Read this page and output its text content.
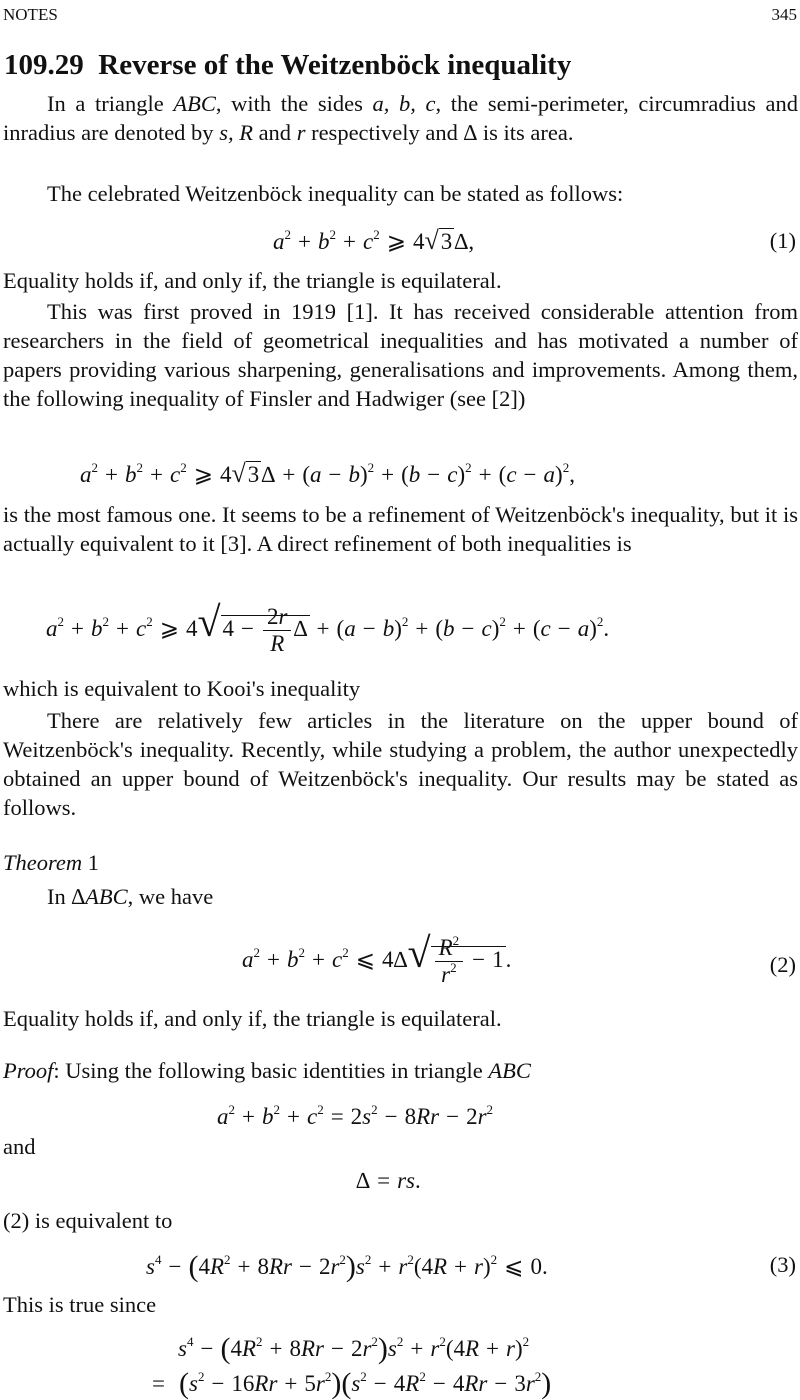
NOTES	345
109.29 Reverse of the Weitzenböck inequality
In a triangle ABC, with the sides a, b, c, the semi-perimeter, circumradius and inradius are denoted by s, R and r respectively and ∆ is its area.
The celebrated Weitzenböck inequality can be stated as follows:
$a^2 + b^2 + c^2$ ⩾ 4√3∆,	(1)
Equality holds if, and only if, the triangle is equilateral.
This was first proved in 1919 [1]. It has received considerable attention from researchers in the field of geometrical inequalities and has motivated a number of papers providing various sharpening, generalisations and improvements. Among them, the following inequality of Finsler and Hadwiger (see [2])
$a^2 + b^2 + c^2$ ⩾ $4√3\Delta + (a - b)^2 + (b - c)^2 + (c - a)^2$,
is the most famous one. It seems to be a refinement of Weitzenböck's inequality, but it is actually equivalent to it [3]. A direct refinement of both inequalities is
$a^2 + b^2 + c^2$ ⩾ $4√4 - \frac{2r}{R}$ ∆ + $(a - b)^2 + (b - c)^2 + (c - a)^2$.
which is equivalent to Kooi's inequality
There are relatively few articles in the literature on the upper bound of Weitzenböck's inequality. Recently, while studying a problem, the author unexpectedly obtained an upper bound of Weitzenböck's inequality. Our results may be stated as follows.
Theorem 1
In ∆ABC, we have
$a^2 + b^2 + c^2$ ⩽ $4\Delta√ \frac{R^2}{r^2} - 1$.	(2)
Equality holds if, and only if, the triangle is equilateral.
Proof: Using the following basic identities in triangle ABC
$a^2 + b^2 + c^2 = 2s^2 - 8Rr - 2r^2$
and
∆ = rs.
(2) is equivalent to
$s^4 - (4R^2 + 8Rr - 2r^2)s^2 + r^2(4R + r)^2$ ⩽ 0.	(3)
This is true since
$s^4 - (4R^2 + 8Rr - 2r^2)s^2 + r^2(4R + r)^2$
= $(s^2 - 16Rr + 5r^2)(s^2 - 4R^2 - 4Rr - 3r^2)$
